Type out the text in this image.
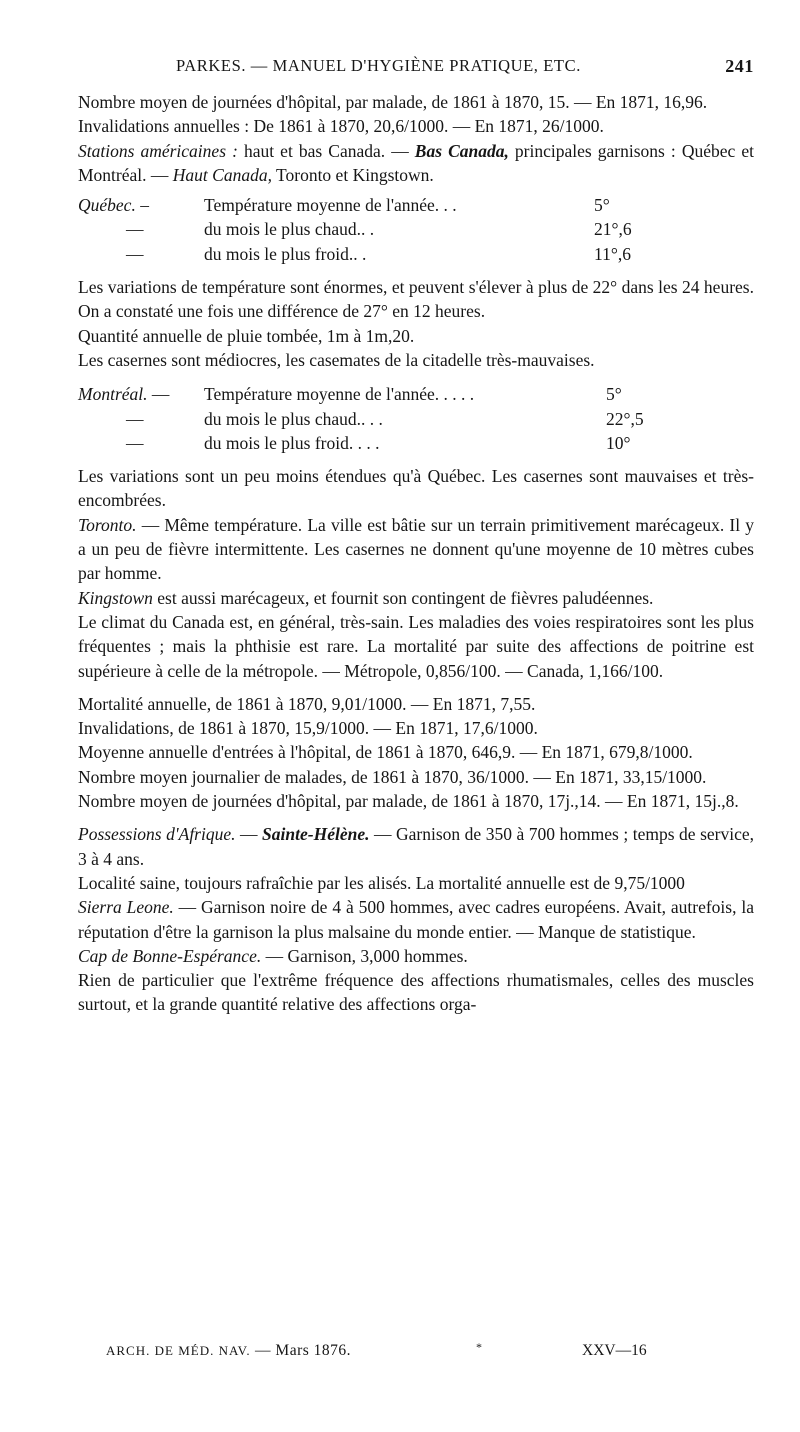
PARKES. — MANUEL D'HYGIÈNE PRATIQUE, ETC.	241

Nombre moyen de journées d'hôpital, par malade, de 1861 à 1870, 15. — En 1871, 16,96.

Invalidations annuelles : De 1861 à 1870, 20,6/1000. — En 1871, 26/1000.

Stations américaines : haut et bas Canada. — Bas Canada, principales garnisons : Québec et Montréal. — Haut Canada, Toronto et Kingstown.

Québec. –	Température moyenne de l'année. . .	5°
—	du mois le plus chaud.. .	21°,6
—	du mois le plus froid.. .	11°,6

Les variations de température sont énormes, et peuvent s'élever à plus de 22° dans les 24 heures. On a constaté une fois une différence de 27° en 12 heures.

Quantité annuelle de pluie tombée, 1m à 1m,20.

Les casernes sont médiocres, les casemates de la citadelle très-mauvaises.

Montréal. —	Température moyenne de l'année. . . . .	5°
—	du mois le plus chaud.. . .	22°,5
—	du mois le plus froid. . . .	10°

Les variations sont un peu moins étendues qu'à Québec. Les casernes sont mauvaises et très-encombrées.

Toronto. — Même température. La ville est bâtie sur un terrain primitivement marécageux. Il y a un peu de fièvre intermittente. Les casernes ne donnent qu'une moyenne de 10 mètres cubes par homme.

Kingstown est aussi marécageux, et fournit son contingent de fièvres paludéennes.

Le climat du Canada est, en général, très-sain. Les maladies des voies respiratoires sont les plus fréquentes ; mais la phthisie est rare. La mortalité par suite des affections de poitrine est supérieure à celle de la métropole. — Métropole, 0,856/100. — Canada, 1,166/100.

Mortalité annuelle, de 1861 à 1870, 9,01/1000. — En 1871, 7,55.

Invalidations, de 1861 à 1870, 15,9/1000. — En 1871, 17,6/1000.

Moyenne annuelle d'entrées à l'hôpital, de 1861 à 1870, 646,9. — En 1871, 679,8/1000.

Nombre moyen journalier de malades, de 1861 à 1870, 36/1000. — En 1871, 33,15/1000.

Nombre moyen de journées d'hôpital, par malade, de 1861 à 1870, 17j.,14. — En 1871, 15j.,8.

Possessions d'Afrique. — Sainte-Hélène. — Garnison de 350 à 700 hommes ; temps de service, 3 à 4 ans.

Localité saine, toujours rafraîchie par les alisés. La mortalité annuelle est de 9,75/1000

Sierra Leone. — Garnison noire de 4 à 500 hommes, avec cadres européens. Avait, autrefois, la réputation d'être la garnison la plus malsaine du monde entier. — Manque de statistique.

Cap de Bonne-Espérance. — Garnison, 3,000 hommes.

Rien de particulier que l'extrême fréquence des affections rhumatismales, celles des muscles surtout, et la grande quantité relative des affections orga-

ARCH. DE MÉD. NAV. — Mars 1876.	*	XXV—16
